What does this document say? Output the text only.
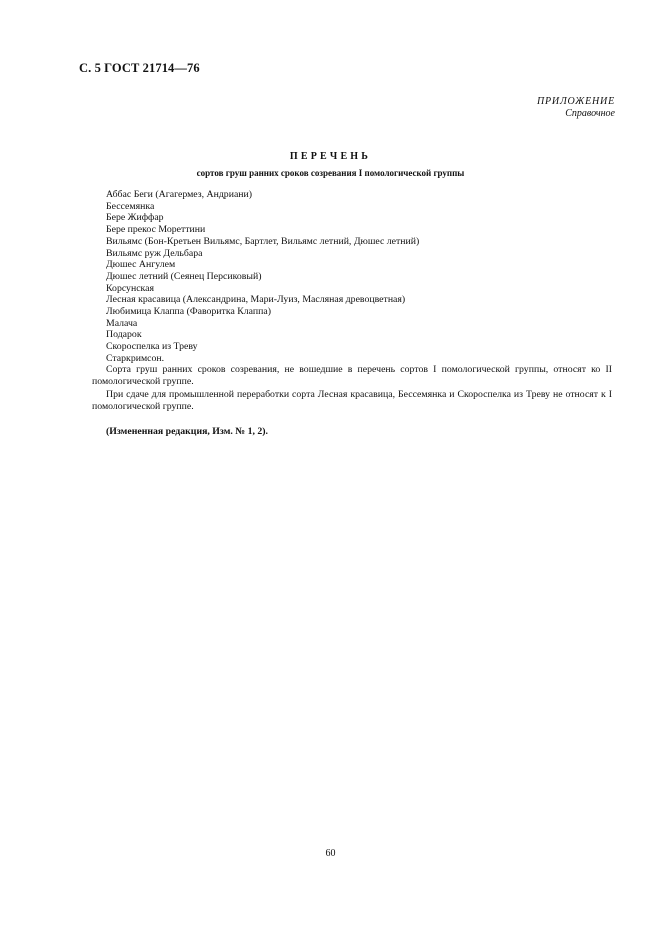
С. 5 ГОСТ 21714—76
ПРИЛОЖЕНИЕ
Справочное
ПЕРЕЧЕНЬ
сортов груш ранних сроков созревания I помологической группы
Аббас Беги (Агагермез, Андриани)
Бессемянка
Бере Жиффар
Бере прекос Мореттини
Вильямс (Бон-Кретьен Вильямс, Бартлет, Вильямс летний, Дюшес летний)
Вильямс руж Дельбара
Дюшес Ангулем
Дюшес летний (Сеянец Персиковый)
Корсунская
Лесная красавица (Александрина, Мари-Луиз, Масляная древоцветная)
Любимица Клаппа (Фаворитка Клаппа)
Малача
Подарок
Скороспелка из Треву
Старкримсон.

Сорта груш ранних сроков созревания, не вошедшие в перечень сортов I помологической группы, относят ко II помологической группе.

При сдаче для промышленной переработки сорта Лесная красавица, Бессемянка и Скороспелка из Треву не относят к I помологической группе.

(Измененная редакция, Изм. № 1, 2).
60
